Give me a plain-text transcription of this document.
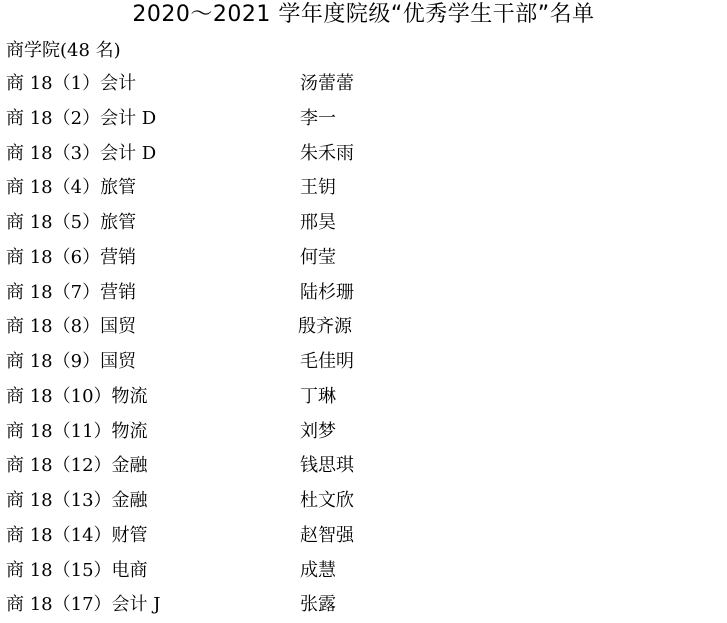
2020～2021 学年度院级“优秀学生干部”名单
商学院(48 名)
商 18（1）会计	汤蕾蕾
商 18（2）会计 D	李一
商 18（3）会计 D	朱禾雨
商 18（4）旅管	王钥
商 18（5）旅管	邢昊
商 18（6）营销	何莹
商 18（7）营销	陆杉珊
商 18（8）国贸	殷齐源
商 18（9）国贸	毛佳明
商 18（10）物流	丁琳
商 18（11）物流	刘梦
商 18（12）金融	钱思琪
商 18（13）金融	杜文欣
商 18（14）财管	赵智强
商 18（15）电商	成慧
商 18（17）会计 J	张露
